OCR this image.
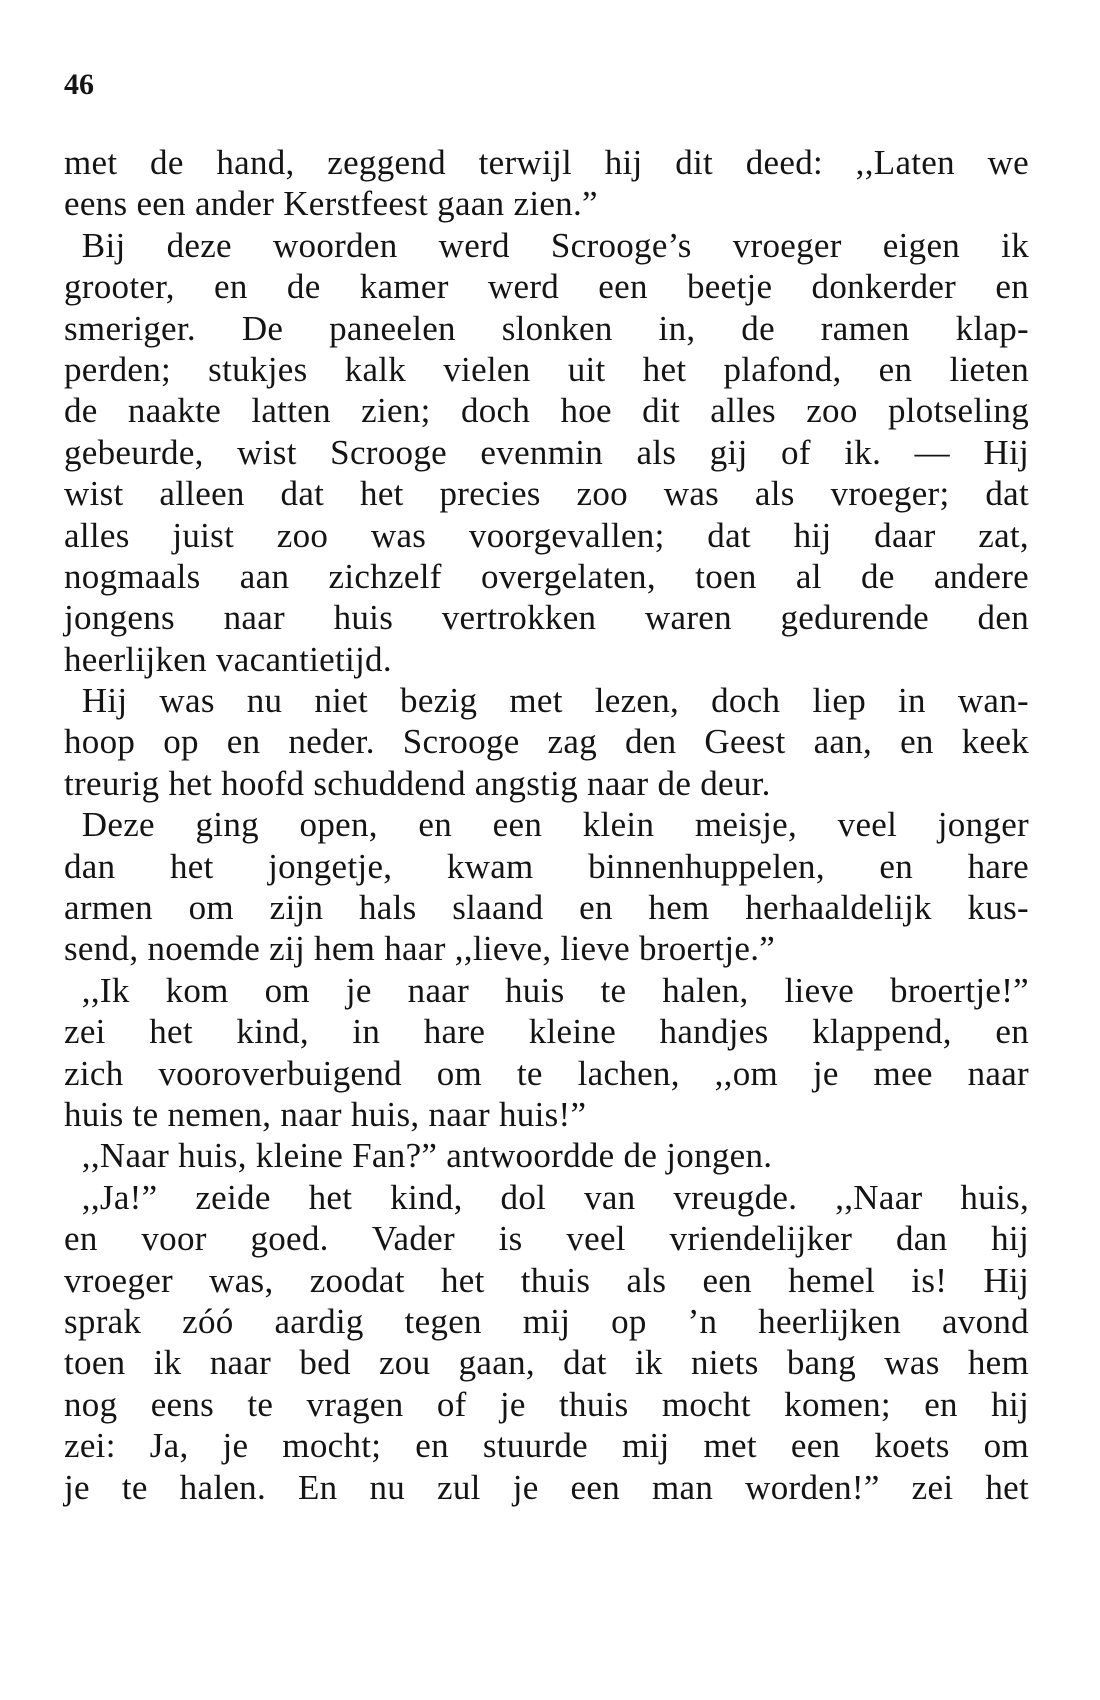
46
met de hand, zeggend terwijl hij dit deed: ,,Laten we
eens een ander Kerstfeest gaan zien.”
 Bij deze woorden werd Scrooge’s vroeger eigen ik
grooter, en de kamer werd een beetje donkerder en
smeriger. De paneelen slonken in, de ramen klap-
perden; stukjes kalk vielen uit het plafond, en lieten
de naakte latten zien; doch hoe dit alles zoo plotseling
gebeurde, wist Scrooge evenmin als gij of ik. — Hij
wist alleen dat het precies zoo was als vroeger; dat
alles juist zoo was voorgevallen; dat hij daar zat,
nogmaals aan zichzelf overgelaten, toen al de andere
jongens naar huis vertrokken waren gedurende den
heerlijken vacantietijd.
 Hij was nu niet bezig met lezen, doch liep in wan-
hoop op en neder. Scrooge zag den Geest aan, en keek
treurig het hoofd schuddend angstig naar de deur.
 Deze ging open, en een klein meisje, veel jonger
dan het jongetje, kwam binnenhuppelen, en hare
armen om zijn hals slaand en hem herhaaldelijk kus-
send, noemde zij hem haar ,,lieve, lieve broertje.”
 ,,Ik kom om je naar huis te halen, lieve broertje!”
zei het kind, in hare kleine handjes klappend, en
zich vooroverbuigend om te lachen, ,,om je mee naar
huis te nemen, naar huis, naar huis!”
 ,,Naar huis, kleine Fan?” antwoordde de jongen.
 ,,Ja!” zeide het kind, dol van vreugde. ,,Naar huis,
en voor goed. Vader is veel vriendelijker dan hij
vroeger was, zoodat het thuis als een hemel is! Hij
sprak zóó aardig tegen mij op ’n heerlijken avond
toen ik naar bed zou gaan, dat ik niets bang was hem
nog eens te vragen of je thuis mocht komen; en hij
zei: Ja, je mocht; en stuurde mij met een koets om
je te halen. En nu zul je een man worden!” zei het
